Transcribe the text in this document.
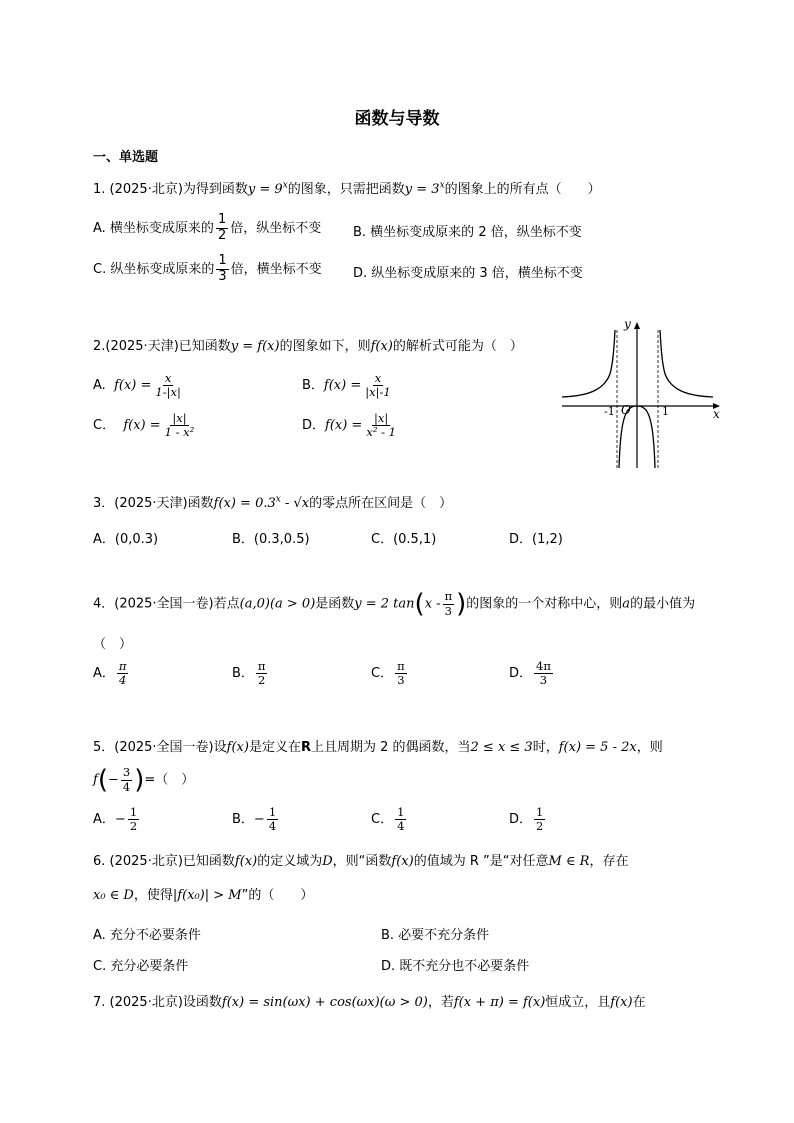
函数与导数
一、单选题
1. (2025·北京)为得到函数$y = 9^x$的图象，只需把函数$y = 3^x$的图象上的所有点（　　）
A. 横坐标变成原来的 $\frac{1}{2}$ 倍，纵坐标不变 B. 横坐标变成原来的 2 倍，纵坐标不变
C. 纵坐标变成原来的 $\frac{1}{3}$ 倍，横坐标不变 D. 纵坐标变成原来的 3 倍，横坐标不变
2.(2025·天津)已知函数y = f(x)的图象如下，则f(x)的解析式可能为（　）
A. $f(x) = \frac{x}{1-|x|}$	B．$f(x) = \frac{x}{|x|-1}$
C． $f(x) = \frac{|x|}{\text{1 - x²}}$	D．$f(x) = \frac{|x|}{\text{x² - 1}}$
y
x
O
-1	1
3．(2025·天津)函数$f(x) = 0.3^x - √x$的零点所在区间是（　）
A．(0,0.3)	B．(0.3,0.5)	C．(0.5,1)	D．(1,2)
4．(2025·全国一卷)若点(a,0)(a > 0)是函数y = 2 $\tan(x - \frac{\pi}{3}$ )的图象的一个对称中心，则a的最小值为
（　）
A． $\frac{\pi}{4}$	B． $\frac{\pi}{2}$	C． $\frac{\pi}{3}$	D． $\frac{4\pi}{3}$
5．(2025·全国一卷)设f(x)是定义在R上且周期为 2 的偶函数，当2 ≤ x ≤ 3时，f(x) = 5 - 2x，则
$f(- \frac{3}{4}$ )=（　）
A．− $\frac{1}{2}$	B．− $\frac{1}{4}$	C． $\frac{1}{4}$	D． $\frac{1}{2}$
6. (2025·北京)已知函数f(x)的定义域为D，则“函数f(x)的值域为 R ”是“对任意M ∈ R，存在
x₀ ∈ D，使得|f(x₀)| > M”的（　　）
A. 充分不必要条件	B. 必要不充分条件
C. 充分必要条件	D. 既不充分也不必要条件
7. (2025·北京)设函数f(x) = sin(ωx) + cos(ωx)(ω > 0)，若f(x + π) = f(x)恒成立，且f(x)在
